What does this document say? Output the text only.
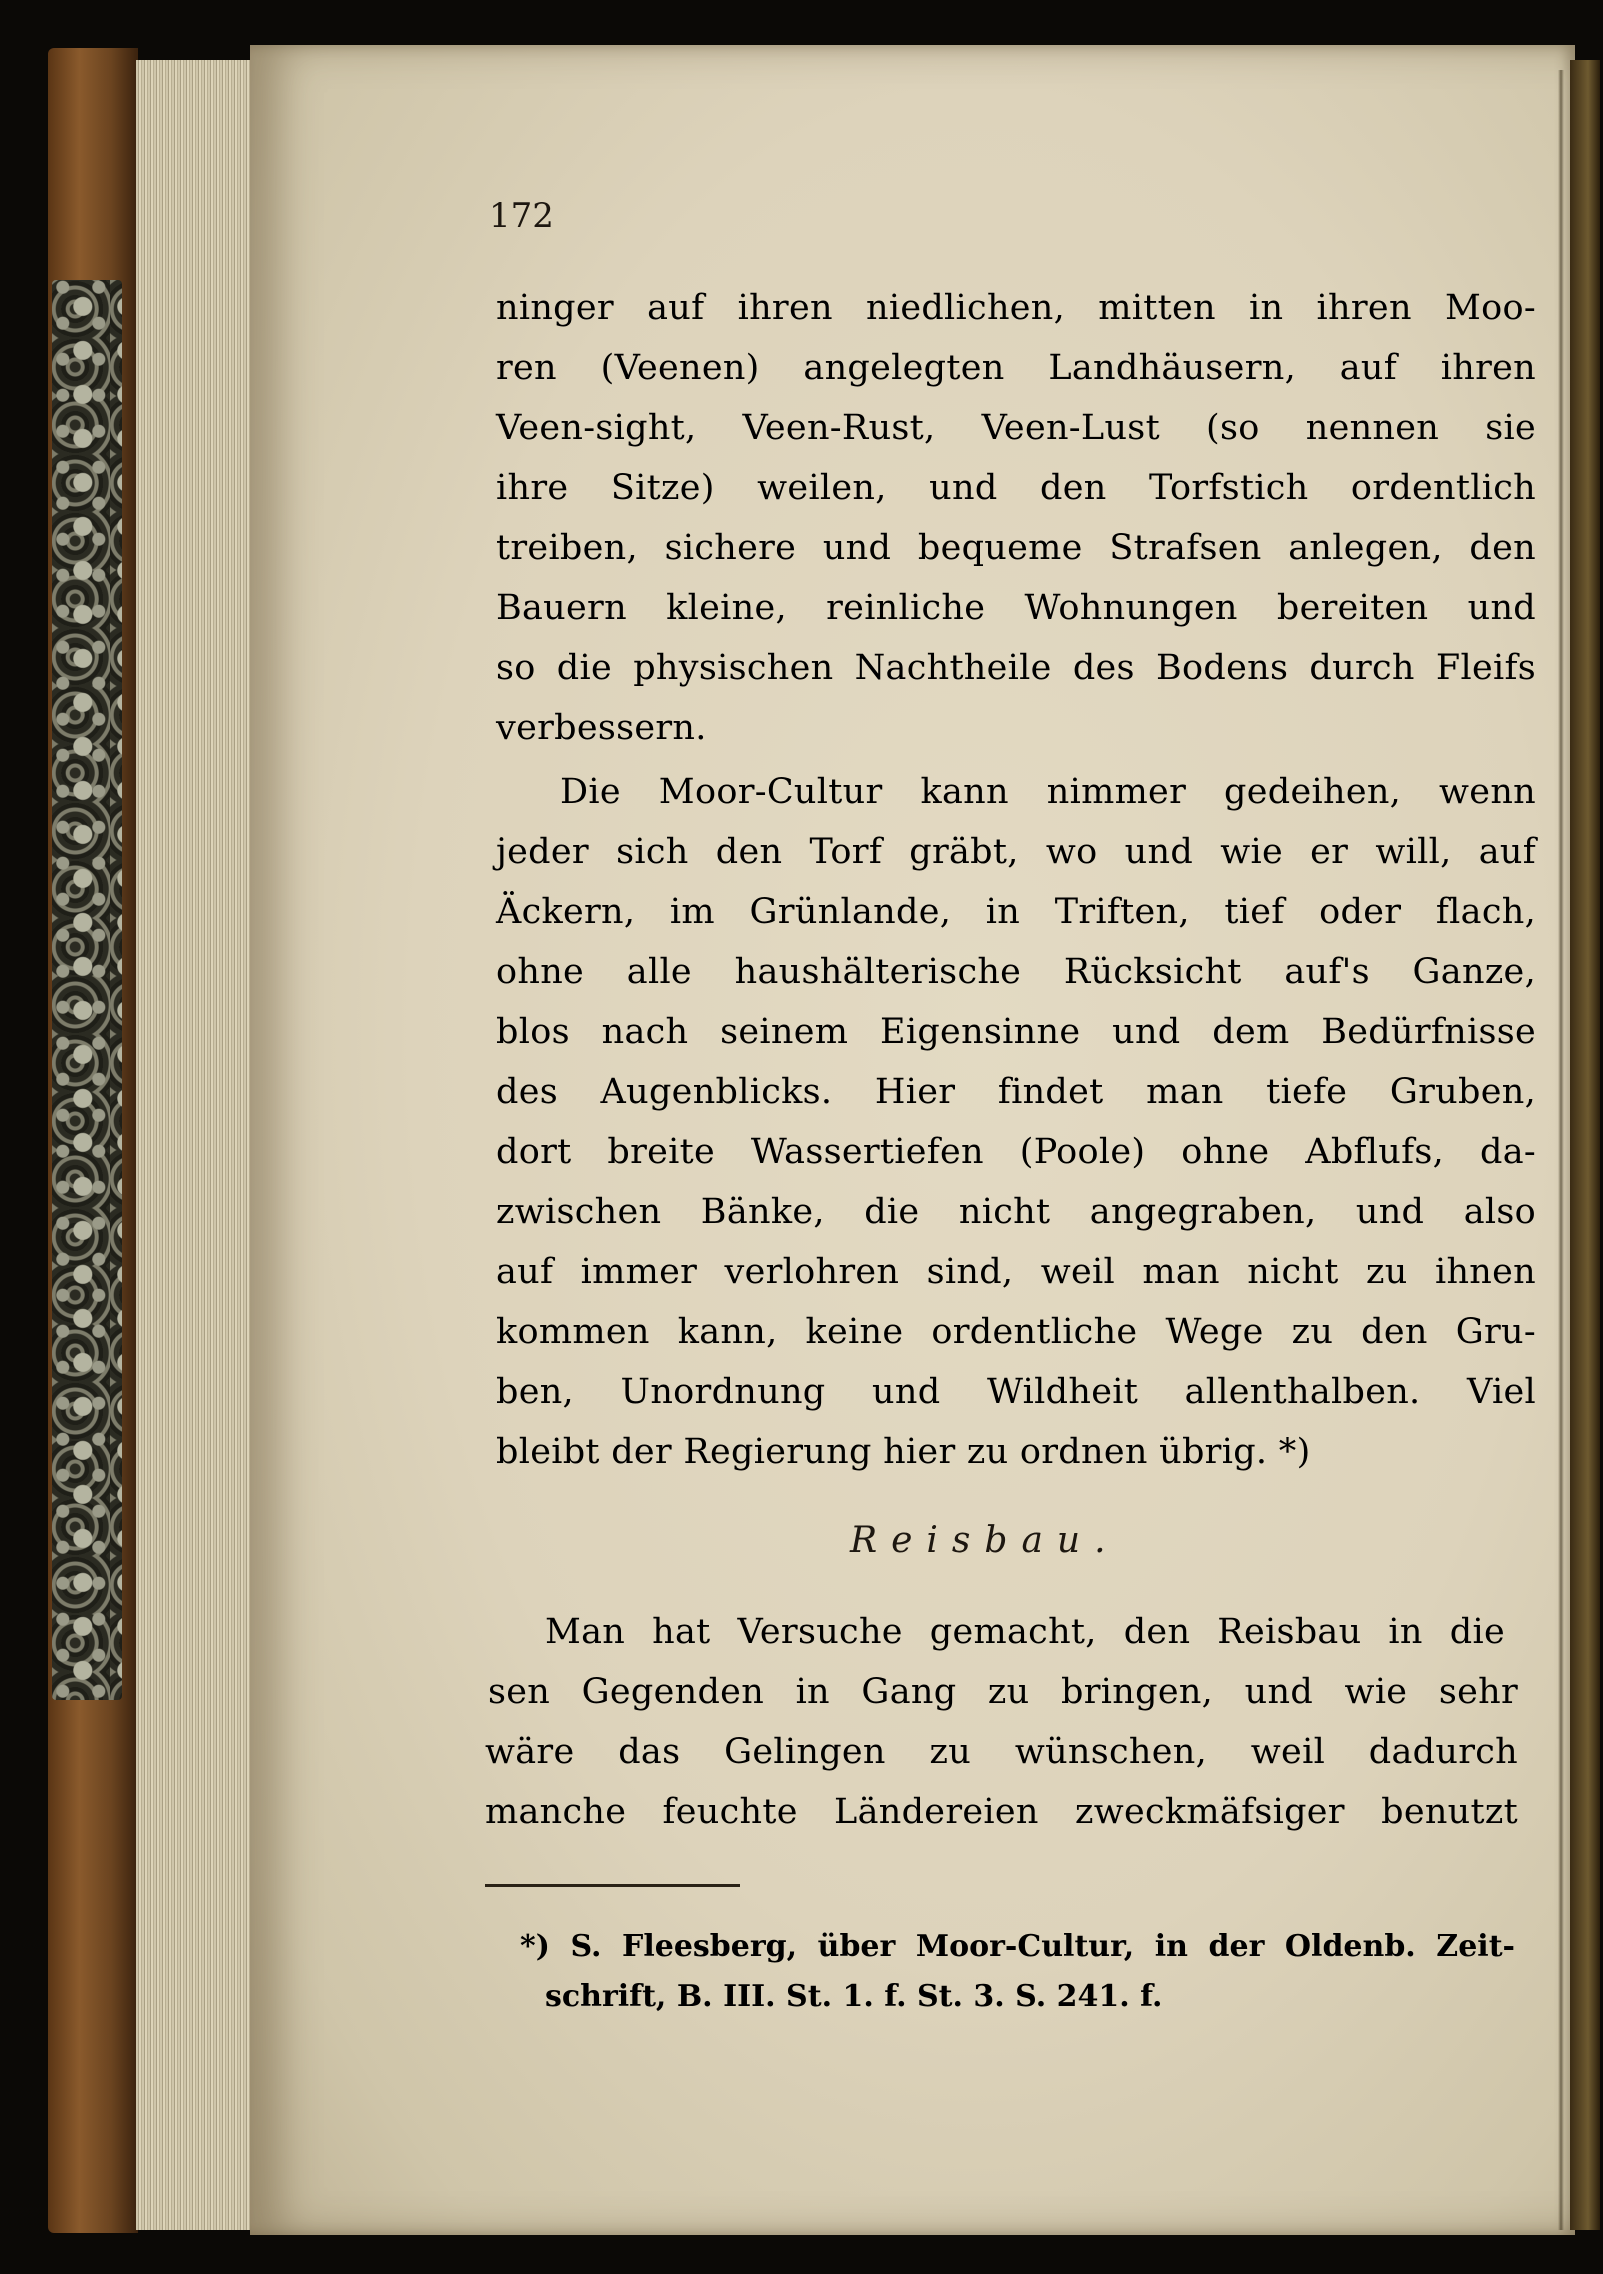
172
ninger auf ihren niedlichen, mitten in ihren Moo-
ren (Veenen) angelegten Landhäusern, auf ihren
Veen-sight, Veen-Rust, Veen-Lust (so nennen sie
ihre Sitze) weilen, und den Torfstich ordentlich
treiben, sichere und bequeme Strafsen anlegen, den
Bauern kleine, reinliche Wohnungen bereiten und
so die physischen Nachtheile des Bodens durch Fleifs
verbessern.
Die Moor-Cultur kann nimmer gedeihen, wenn
jeder sich den Torf gräbt, wo und wie er will, auf
Äckern, im Grünlande, in Triften, tief oder flach,
ohne alle haushälterische Rücksicht auf's Ganze,
blos nach seinem Eigensinne und dem Bedürfnisse
des Augenblicks. Hier findet man tiefe Gruben,
dort breite Wassertiefen (Poole) ohne Abflufs, da-
zwischen Bänke, die nicht angegraben, und also
auf immer verlohren sind, weil man nicht zu ihnen
kommen kann, keine ordentliche Wege zu den Gru-
ben, Unordnung und Wildheit allenthalben. Viel
bleibt der Regierung hier zu ordnen übrig. *)
Reisbau.
Man hat Versuche gemacht, den Reisbau in die
sen Gegenden in Gang zu bringen, und wie sehr
wäre das Gelingen zu wünschen, weil dadurch
manche feuchte Ländereien zweckmäfsiger benutzt
*) S. Fleesberg, über Moor-Cultur, in der Oldenb. Zeit-
schrift, B. III. St. 1. f. St. 3. S. 241. f.
